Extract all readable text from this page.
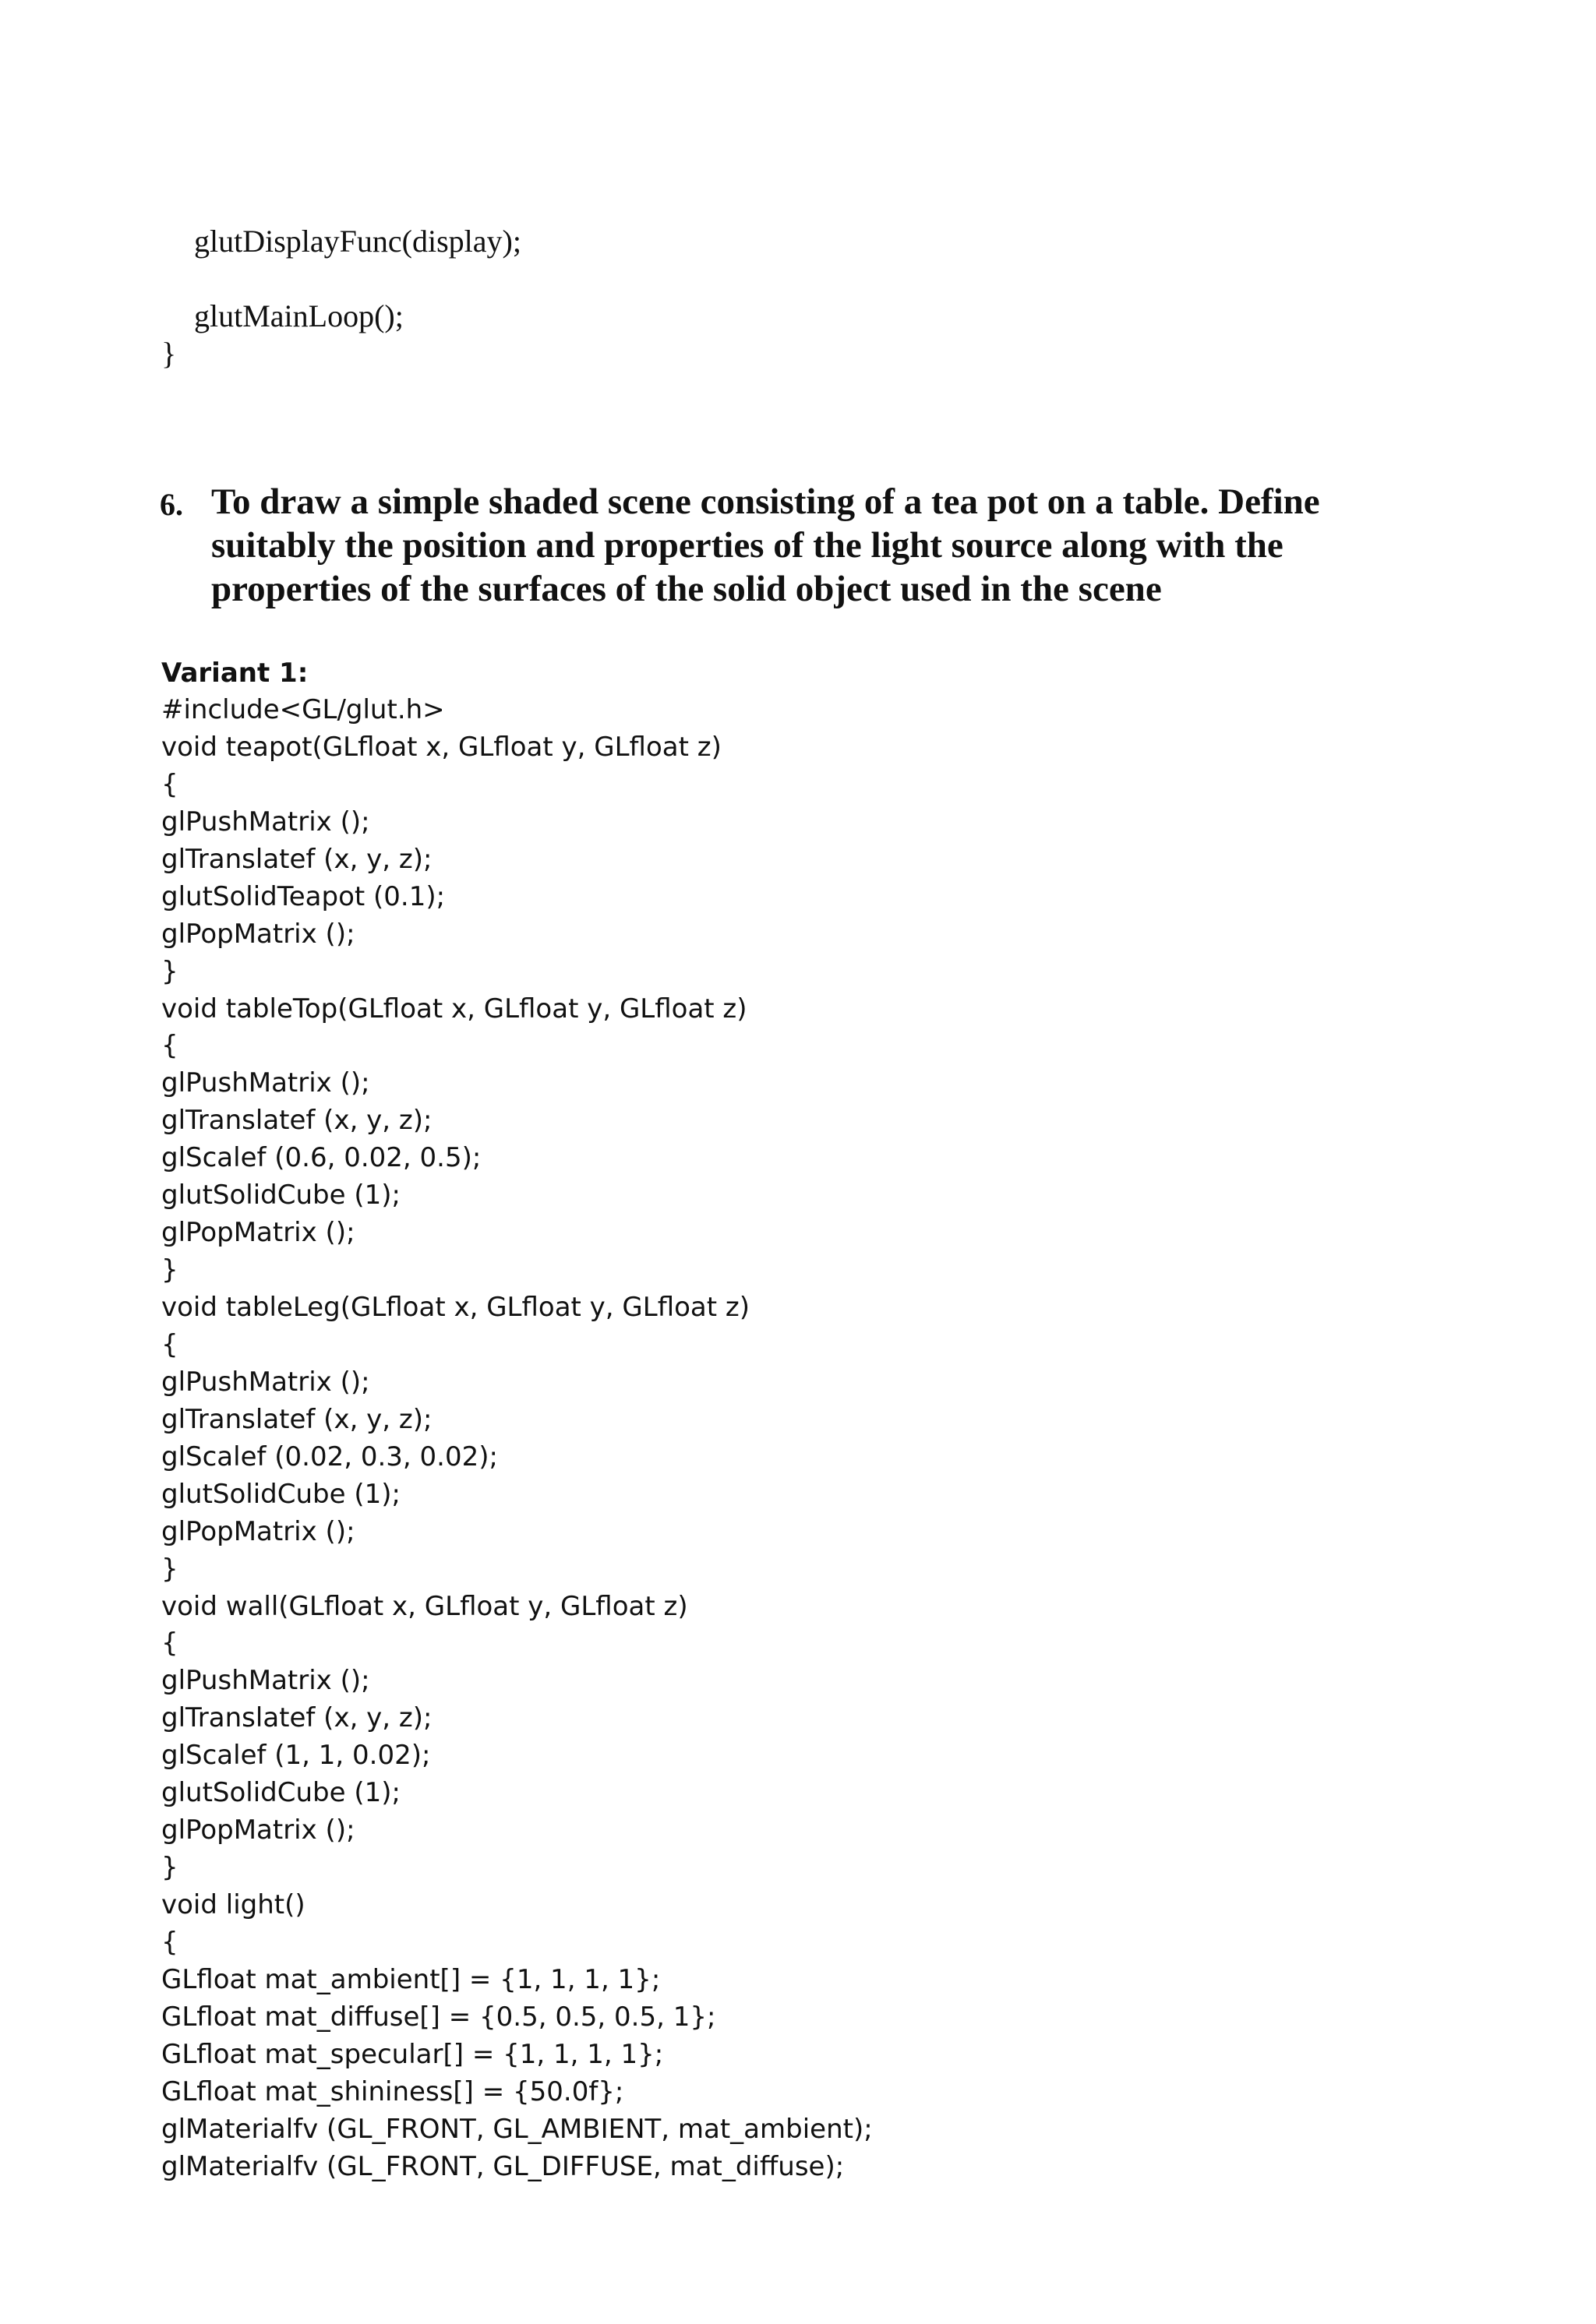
glutDisplayFunc(display);
glutMainLoop();
}
6. To draw a simple shaded scene consisting of a tea pot on a table. Define
suitably the position and properties of the light source along with the
properties of the surfaces of the solid object used in the scene
Variant 1:
#include<GL/glut.h>
void teapot(GLfloat x, GLfloat y, GLfloat z)
{
glPushMatrix ();
glTranslatef (x, y, z);
glutSolidTeapot (0.1);
glPopMatrix ();
}
void tableTop(GLfloat x, GLfloat y, GLfloat z)
{
glPushMatrix ();
glTranslatef (x, y, z);
glScalef (0.6, 0.02, 0.5);
glutSolidCube (1);
glPopMatrix ();
}
void tableLeg(GLfloat x, GLfloat y, GLfloat z)
{
glPushMatrix ();
glTranslatef (x, y, z);
glScalef (0.02, 0.3, 0.02);
glutSolidCube (1);
glPopMatrix ();
}
void wall(GLfloat x, GLfloat y, GLfloat z)
{
glPushMatrix ();
glTranslatef (x, y, z);
glScalef (1, 1, 0.02);
glutSolidCube (1);
glPopMatrix ();
}
void light()
{
GLfloat mat_ambient[] = {1, 1, 1, 1};
GLfloat mat_diffuse[] = {0.5, 0.5, 0.5, 1};
GLfloat mat_specular[] = {1, 1, 1, 1};
GLfloat mat_shininess[] = {50.0f};
glMaterialfv (GL_FRONT, GL_AMBIENT, mat_ambient);
glMaterialfv (GL_FRONT, GL_DIFFUSE, mat_diffuse);
